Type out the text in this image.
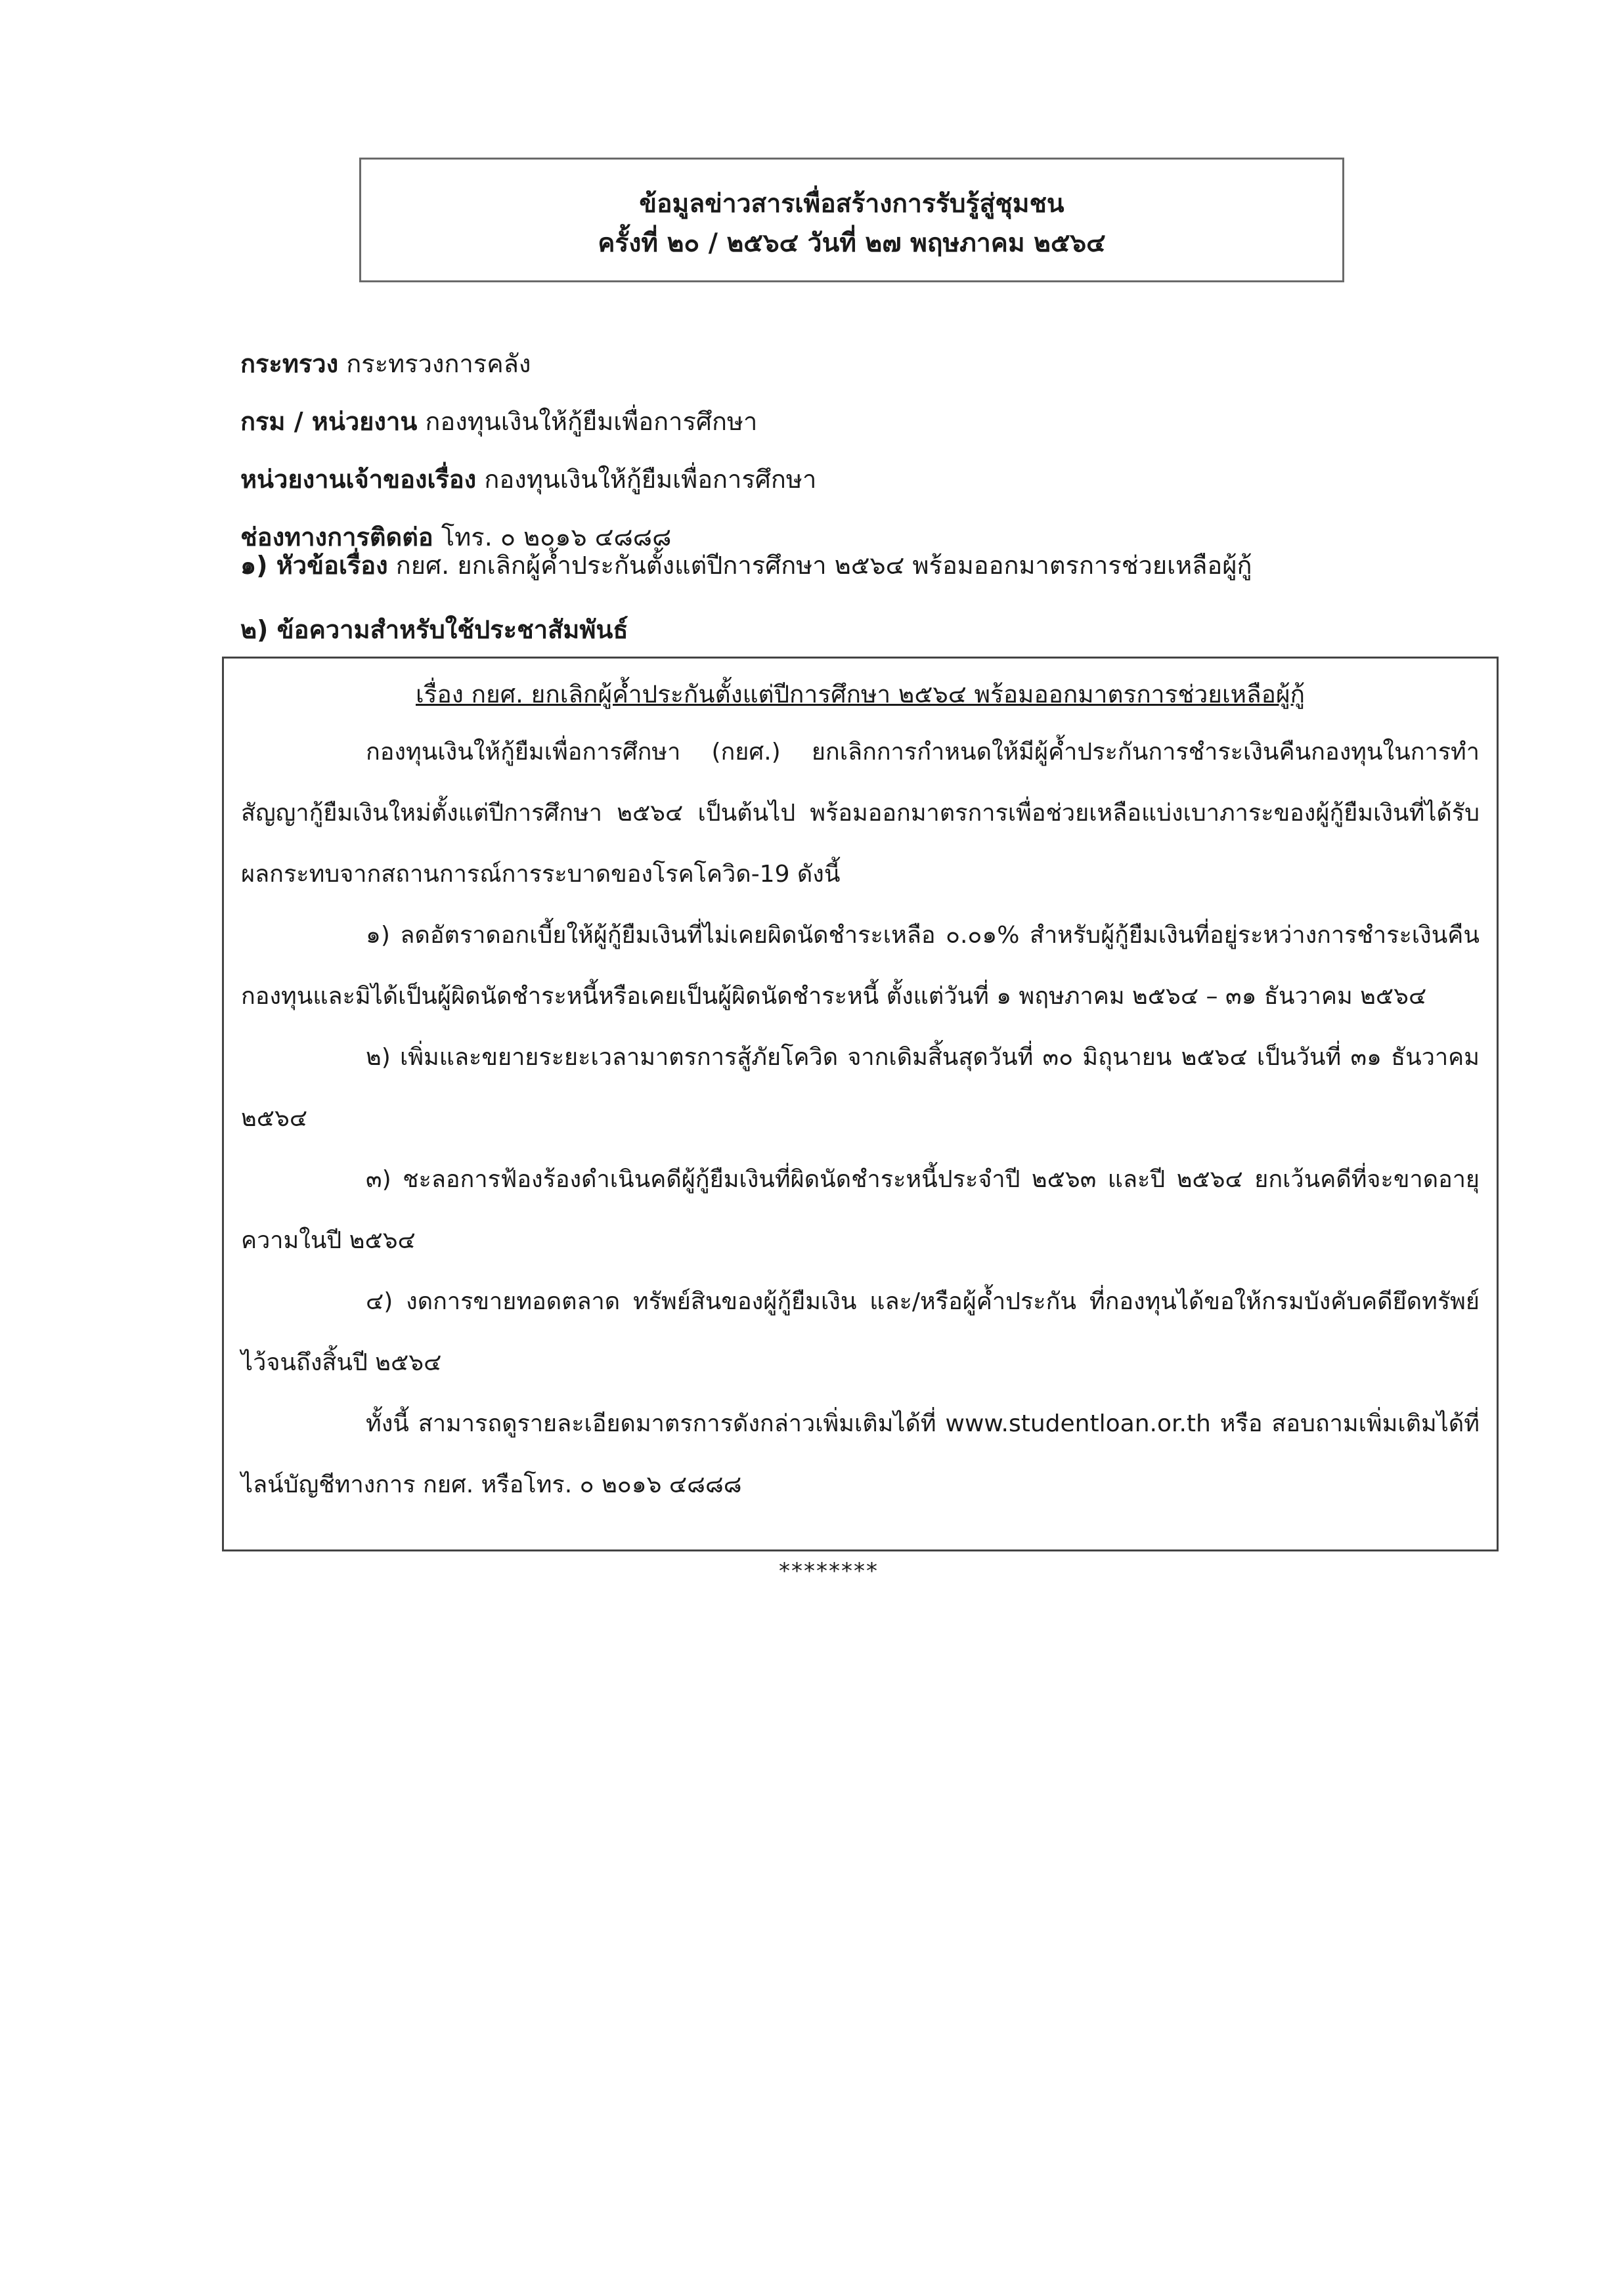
ข้อมูลข่าวสารเพื่อสร้างการรับรู้สู่ชุมชน
ครั้งที่ ๒๐ / ๒๕๖๔ วันที่ ๒๗ พฤษภาคม ๒๕๖๔
กระทรวง กระทรวงการคลัง
กรม / หน่วยงาน กองทุนเงินให้กู้ยืมเพื่อการศึกษา
หน่วยงานเจ้าของเรื่อง กองทุนเงินให้กู้ยืมเพื่อการศึกษา
ช่องทางการติดต่อ โทร. ๐ ๒๐๑๖ ๔๘๘๘
๑) หัวข้อเรื่อง กยศ. ยกเลิกผู้ค้ำประกันตั้งแต่ปีการศึกษา ๒๕๖๔ พร้อมออกมาตรการช่วยเหลือผู้กู้
๒) ข้อความสำหรับใช้ประชาสัมพันธ์
เรื่อง กยศ. ยกเลิกผู้ค้ำประกันตั้งแต่ปีการศึกษา ๒๕๖๔ พร้อมออกมาตรการช่วยเหลือผู้กู้

กองทุนเงินให้กู้ยืมเพื่อการศึกษา (กยศ.) ยกเลิกการกำหนดให้มีผู้ค้ำประกันการชำระเงินคืนกองทุนในการทำสัญญากู้ยืมเงินใหม่ตั้งแต่ปีการศึกษา ๒๕๖๔ เป็นต้นไป พร้อมออกมาตรการเพื่อช่วยเหลือแบ่งเบาภาระของผู้กู้ยืมเงินที่ได้รับผลกระทบจากสถานการณ์การระบาดของโรคโควิด-19 ดังนี้

๑) ลดอัตราดอกเบี้ยให้ผู้กู้ยืมเงินที่ไม่เคยผิดนัดชำระเหลือ ๐.๐๑% สำหรับผู้กู้ยืมเงินที่อยู่ระหว่างการชำระเงินคืนกองทุนและมิได้เป็นผู้ผิดนัดชำระหนี้หรือเคยเป็นผู้ผิดนัดชำระหนี้ ตั้งแต่วันที่ ๑ พฤษภาคม ๒๕๖๔ – ๓๑ ธันวาคม ๒๕๖๔

๒) เพิ่มและขยายระยะเวลามาตรการสู้ภัยโควิด จากเดิมสิ้นสุดวันที่ ๓๐ มิถุนายน ๒๕๖๔ เป็นวันที่ ๓๑ ธันวาคม ๒๕๖๔

๓) ชะลอการฟ้องร้องดำเนินคดีผู้กู้ยืมเงินที่ผิดนัดชำระหนี้ประจำปี ๒๕๖๓ และปี ๒๕๖๔ ยกเว้นคดีที่จะขาดอายุความในปี ๒๕๖๔

๔) งดการขายทอดตลาด ทรัพย์สินของผู้กู้ยืมเงิน และ/หรือผู้ค้ำประกัน ที่กองทุนได้ขอให้กรมบังคับคดียึดทรัพย์ไว้จนถึงสิ้นปี ๒๕๖๔

ทั้งนี้ สามารถดูรายละเอียดมาตรการดังกล่าวเพิ่มเติมได้ที่ www.studentloan.or.th หรือ สอบถามเพิ่มเติมได้ที่ไลน์บัญชีทางการ กยศ. หรือโทร. ๐ ๒๐๑๖ ๔๘๘๘

********
